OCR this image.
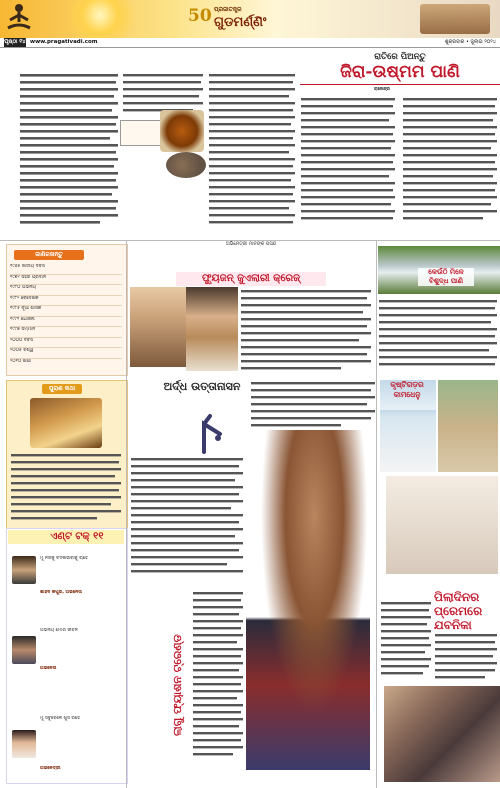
50 ପ୍ରଜାତନ୍ତ୍ର
ଗୁଡମର୍ଣ୍ଣିଂ
ପୃଷ୍ଠା ୧୪ www.pragativadi.com	ଶୁକ୍ରବାର • ଜୁଲାଇ ୨୦୨୪
ରାତିରେ ପିଅନ୍ତୁ
ଜିରା-ଉଷ୍ମମ ପାଣି
ରାଜେନ୍ଦ୍ର
ଜାଣିରଖନ୍ତୁ
୧୯୬୫ ଜାତୀୟ ଦିବସ
୧୯୭୨ ସହର ପ୍ରଦାନ
୧୯୮୦ ଅଭିନୟ
୧୯୮୨ ବୈଦେଶିକ
୧୯୮୫ ନୂଆ ଶାସକ
୧୯୯୧ ଯୋଜନା
୧୯୯୭ ସମ୍ମାନ
୨୦୦୦ ଦିବସ
୨୦୦୫ ବିଶ୍ୱ
୨୦୧୦ ଶିକ୍ଷା
ପୁରାଣ କଥା
ଏଣ୍ଟ ଟକ୍ ୧୧
ମୁଁ ନିଜକୁ ବଦଳାଇବାକୁ ଚାହେଁ
ଶାହିଦ କପୁର, ଅଭିନେତା
ଅଭିନୟ ମୋର ଜୀବନ
ଅଭିନେତା
ମୁଁ ସବୁବେଳେ ଖୁସି ରହେ
ଅଭିନେତ୍ରୀ
ଅଭିନେତ୍ରୀ ମାନଙ୍କ ପସନ୍ଦ
ଫ୍ୟୁଜନ୍ ଜୁଏଲାରୀ କ୍ରେଜ୍
କେଉଁଠି ମିଳେ ବିଶୁଦ୍ଧ ପାଣି
ଅର୍ଦ୍ଧ ଉତ୍ତାନାସନ	କୃଷ୍ଟିଗଡ଼ର କାମଧେନୁ
ଲାଗୁ ଫ୍ୟାଶନ ଟ୍ରେଣ୍ଡ
ପିଲାଦିନର ପ୍ରେମରେ ଯବନିକା
